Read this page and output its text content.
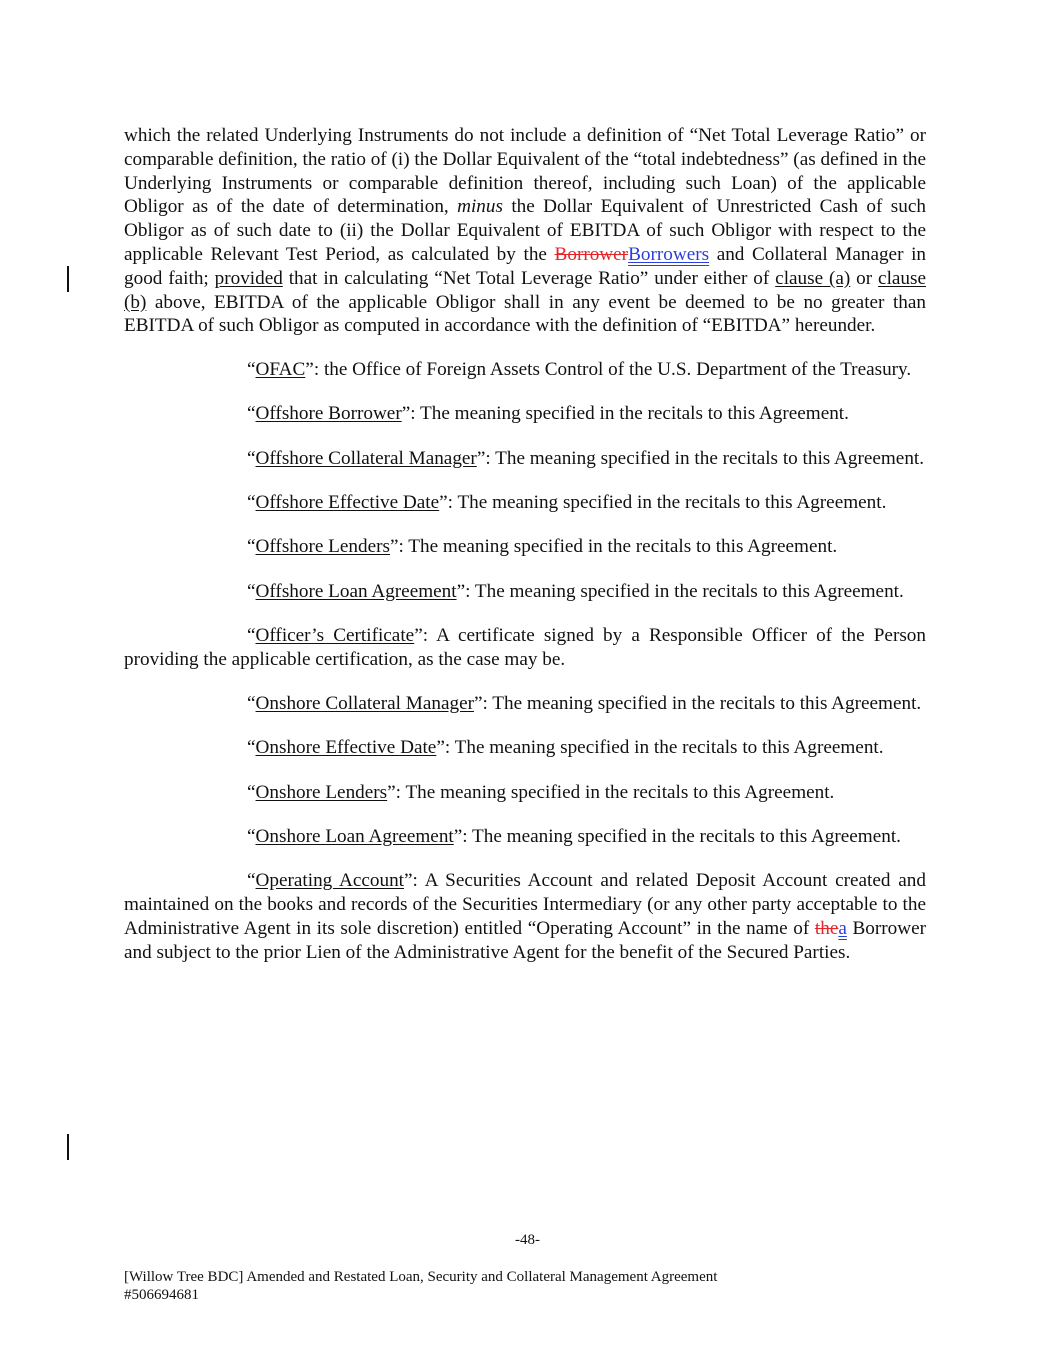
which the related Underlying Instruments do not include a definition of “Net Total Leverage Ratio” or comparable definition, the ratio of (i) the Dollar Equivalent of the “total indebtedness” (as defined in the Underlying Instruments or comparable definition thereof, including such Loan) of the applicable Obligor as of the date of determination, minus the Dollar Equivalent of Unrestricted Cash of such Obligor as of such date to (ii) the Dollar Equivalent of EBITDA of such Obligor with respect to the applicable Relevant Test Period, as calculated by the BorrowerBorrowers and Collateral Manager in good faith; provided that in calculating “Net Total Leverage Ratio” under either of clause (a) or clause (b) above, EBITDA of the applicable Obligor shall in any event be deemed to be no greater than EBITDA of such Obligor as computed in accordance with the definition of “EBITDA” hereunder.

“OFAC”: the Office of Foreign Assets Control of the U.S. Department of the Treasury.

“Offshore Borrower”: The meaning specified in the recitals to this Agreement.

“Offshore Collateral Manager”: The meaning specified in the recitals to this Agreement.

“Offshore Effective Date”: The meaning specified in the recitals to this Agreement.

“Offshore Lenders”: The meaning specified in the recitals to this Agreement.

“Offshore Loan Agreement”: The meaning specified in the recitals to this Agreement.

“Officer’s Certificate”: A certificate signed by a Responsible Officer of the Person providing the applicable certification, as the case may be.

“Onshore Collateral Manager”: The meaning specified in the recitals to this Agreement.

“Onshore Effective Date”: The meaning specified in the recitals to this Agreement.

“Onshore Lenders”: The meaning specified in the recitals to this Agreement.

“Onshore Loan Agreement”: The meaning specified in the recitals to this Agreement.

“Operating Account”: A Securities Account and related Deposit Account created and maintained on the books and records of the Securities Intermediary (or any other party acceptable to the Administrative Agent in its sole discretion) entitled “Operating Account” in the name of thea Borrower and subject to the prior Lien of the Administrative Agent for the benefit of the Secured Parties.

-48-
[Willow Tree BDC] Amended and Restated Loan, Security and Collateral Management Agreement
#506694681
